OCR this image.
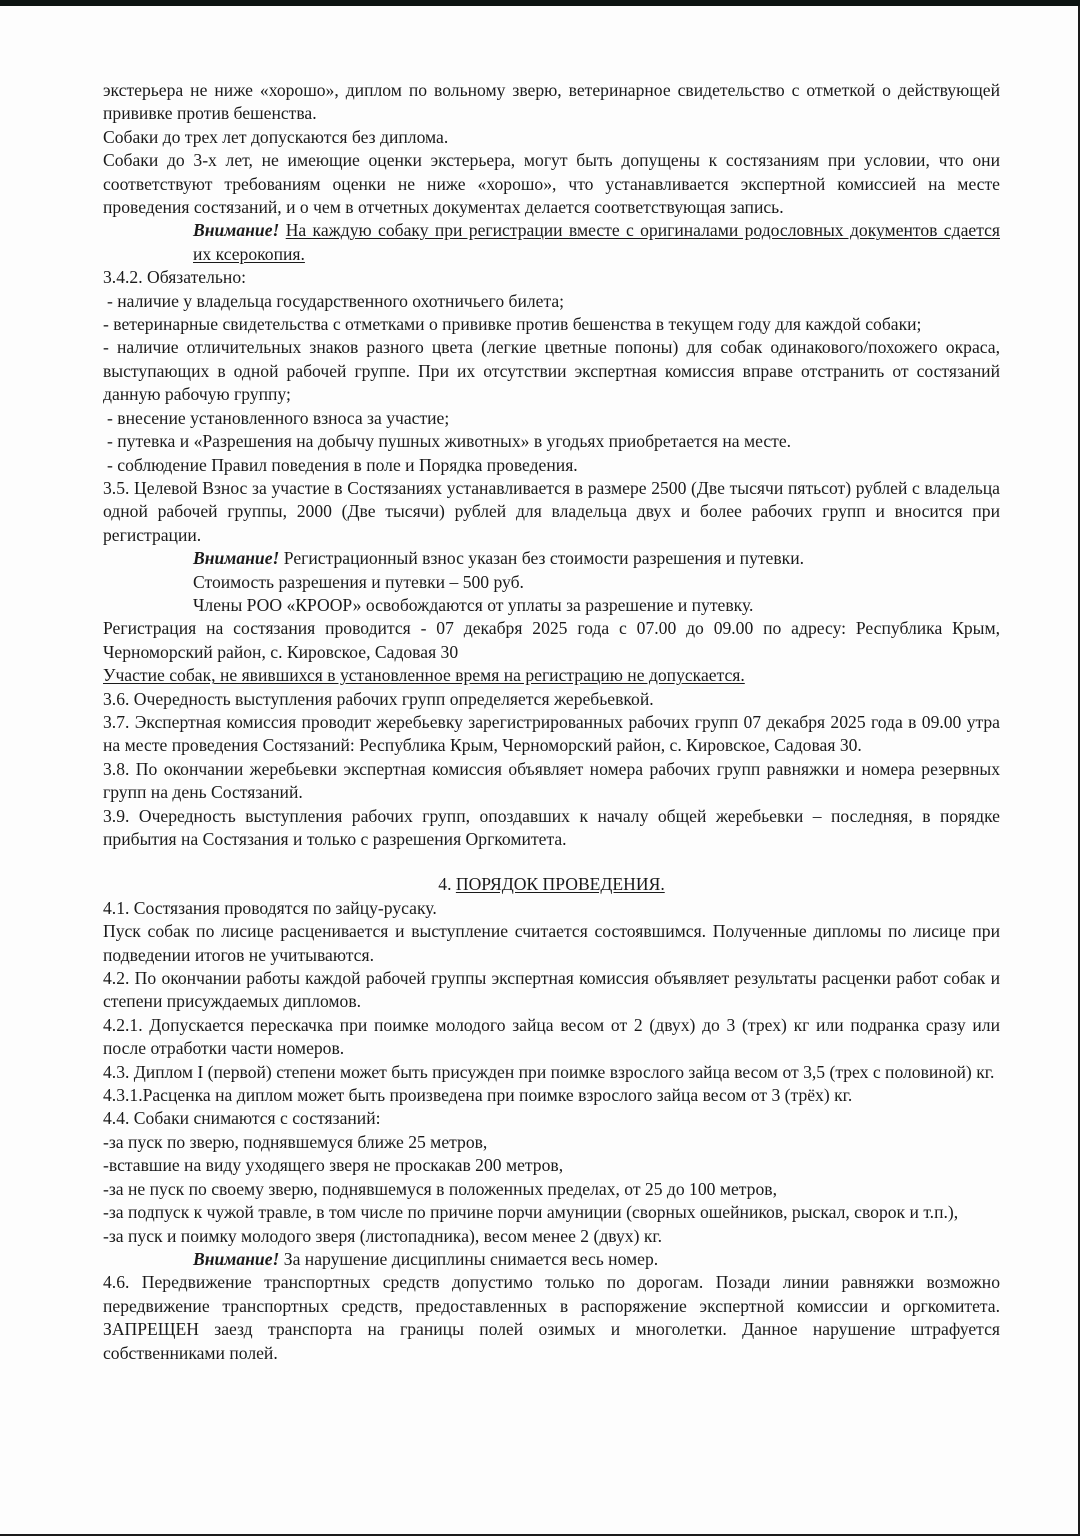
экстерьера не ниже «хорошо», диплом по вольному зверю, ветеринарное свидетельство с отметкой о действующей прививке против бешенства.

Собаки до трех лет допускаются без диплома.

Собаки до 3-х лет, не имеющие оценки экстерьера, могут быть допущены к состязаниям при условии, что они соответствуют требованиям оценки не ниже «хорошо», что устанавливается экспертной комиссией на месте проведения состязаний, и о чем в отчетных документах делается соответствующая запись.

Внимание! На каждую собаку при регистрации вместе с оригиналами родословных документов сдается их ксерокопия.

3.4.2. Обязательно:

- наличие у владельца государственного охотничьего билета;

- ветеринарные свидетельства с отметками о прививке против бешенства в текущем году для каждой собаки;

- наличие отличительных знаков разного цвета (легкие цветные попоны) для собак одинакового/похожего окраса, выступающих в одной рабочей группе. При их отсутствии экспертная комиссия вправе отстранить от состязаний данную рабочую группу;

- внесение установленного взноса за участие;

- путевка и «Разрешения на добычу пушных животных» в угодьях приобретается на месте.

- соблюдение Правил поведения в поле и Порядка проведения.

3.5. Целевой Взнос за участие в Состязаниях устанавливается в размере 2500 (Две тысячи пятьсот) рублей с владельца одной рабочей группы, 2000 (Две тысячи) рублей для владельца двух и более рабочих групп и вносится при регистрации.

Внимание! Регистрационный взнос указан без стоимости разрешения и путевки.

Стоимость разрешения и путевки – 500 руб.

Члены РОО «КРООР» освобождаются от уплаты за разрешение и путевку.

Регистрация на состязания проводится - 07 декабря 2025 года с 07.00 до 09.00 по адресу: Республика Крым, Черноморский район, с. Кировское, Садовая 30

Участие собак, не явившихся в установленное время на регистрацию не допускается.

3.6. Очередность выступления рабочих групп определяется жеребьевкой.

3.7. Экспертная комиссия проводит жеребьевку зарегистрированных рабочих групп 07 декабря 2025 года в 09.00 утра на месте проведения Состязаний: Республика Крым, Черноморский район, с. Кировское, Садовая 30.

3.8. По окончании жеребьевки экспертная комиссия объявляет номера рабочих групп равняжки и номера резервных групп на день Состязаний.

3.9. Очередность выступления рабочих групп, опоздавших к началу общей жеребьевки – последняя, в порядке прибытия на Состязания и только с разрешения Оргкомитета.

4. ПОРЯДОК ПРОВЕДЕНИЯ.

4.1. Состязания проводятся по зайцу-русаку.

Пуск собак по лисице расценивается и выступление считается состоявшимся. Полученные дипломы по лисице при подведении итогов не учитываются.

4.2. По окончании работы каждой рабочей группы экспертная комиссия объявляет результаты расценки работ собак и степени присуждаемых дипломов.

4.2.1. Допускается перескачка при поимке молодого зайца весом от 2 (двух) до 3 (трех) кг или подранка сразу или после отработки части номеров.

4.3. Диплом I (первой) степени может быть присужден при поимке взрослого зайца весом от 3,5 (трех с половиной) кг.

4.3.1.Расценка на диплом может быть произведена при поимке взрослого зайца весом от 3 (трёх) кг.

4.4. Собаки снимаются с состязаний:

-за пуск по зверю, поднявшемуся ближе 25 метров,

-вставшие на виду уходящего зверя не проскакав 200 метров,

-за не пуск по своему зверю, поднявшемуся в положенных пределах, от 25 до 100 метров,

-за подпуск к чужой травле, в том числе по причине порчи амуниции (сворных ошейников, рыскал, сворок и т.п.),

-за пуск и поимку молодого зверя (листопадника), весом менее 2 (двух) кг.

Внимание! За нарушение дисциплины снимается весь номер.

4.6. Передвижение транспортных средств допустимо только по дорогам. Позади линии равняжки возможно передвижение транспортных средств, предоставленных в распоряжение экспертной комиссии и оргкомитета. ЗАПРЕЩЕН заезд транспорта на границы полей озимых и многолетки. Данное нарушение штрафуется собственниками полей.
